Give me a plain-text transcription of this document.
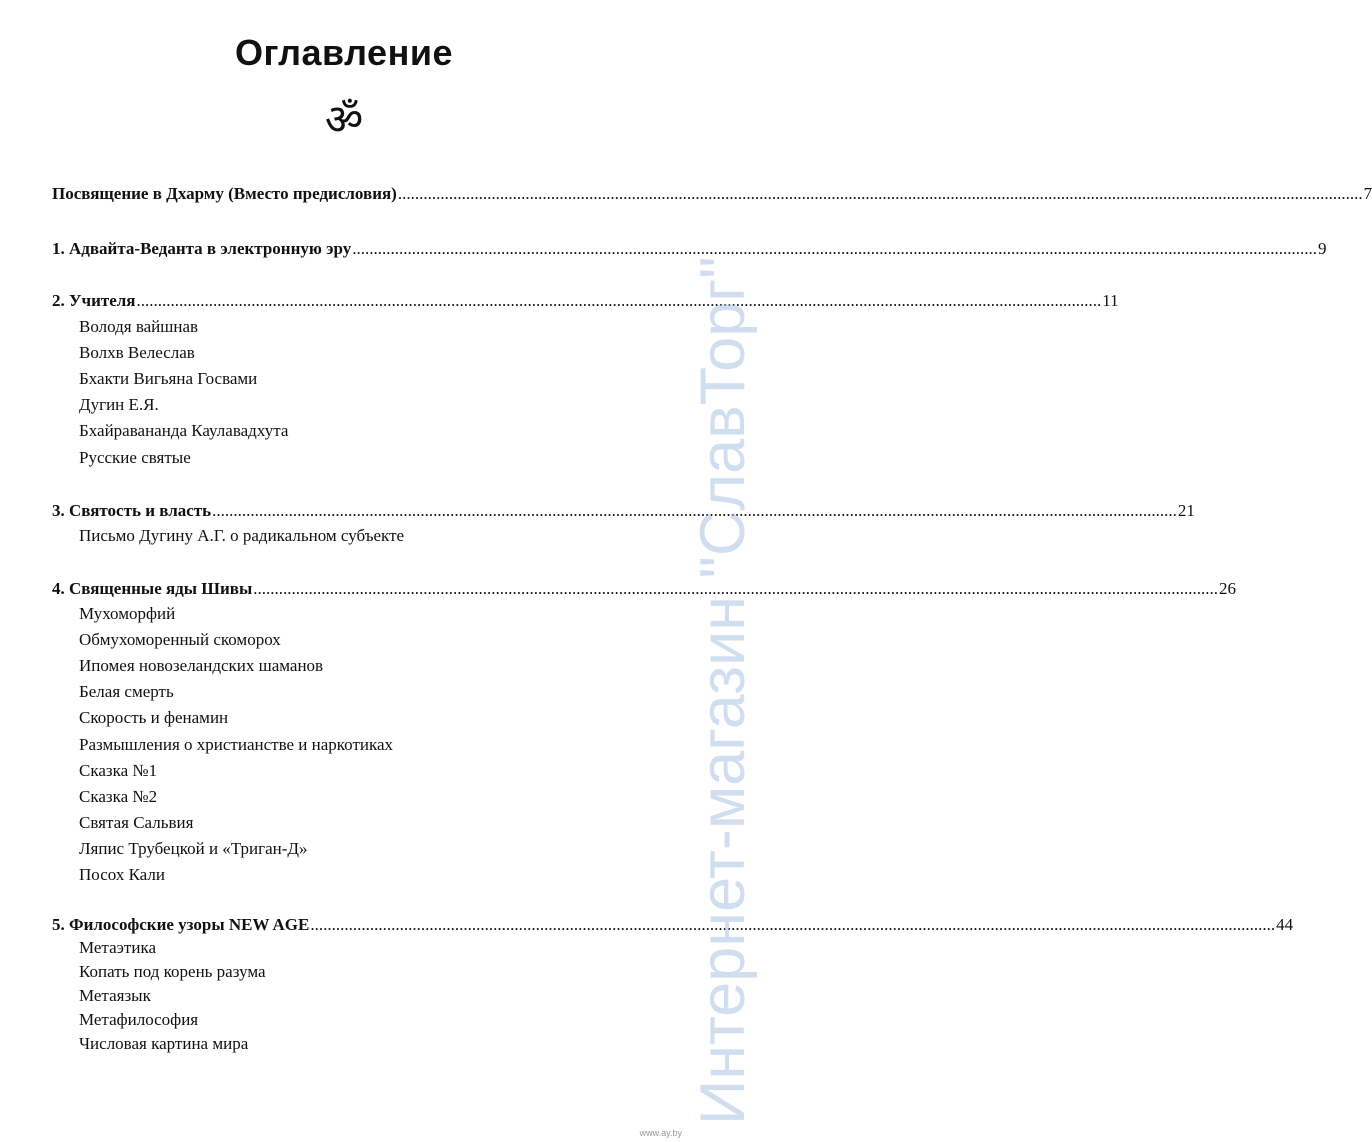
Оглавление
ॐ
Посвящение в Дхарму (Вместо предисловия) .....	7
1. Адвайта-Веданта в электронную эру .....	9
2. Учителя .....	11
Володя вайшнав
Волхв Велеслав
Бхакти Вигьяна Госвами
Дугин Е.Я.
Бхайравананда Каулавадхута
Русские святые
3. Святость и власть .....	21
Письмо Дугину А.Г. о радикальном субъекте
4. Священные яды Шивы .....	26
Мухоморфий
Обмухоморенный скоморох
Ипомея новозеландских шаманов
Белая смерть
Скорость и фенамин
Размышления о христианстве и наркотиках
Сказка №1
Сказка №2
Святая Сальвия
Ляпис Трубецкой и «Триган-Д»
Посох Кали
5. Философские узоры NEW AGE .....	44
Метаэтика
Копать под корень разума
Метаязык
Метафилософия
Числовая картина мира	Интернет-магазин "СлавТорг"
www.ay.by
